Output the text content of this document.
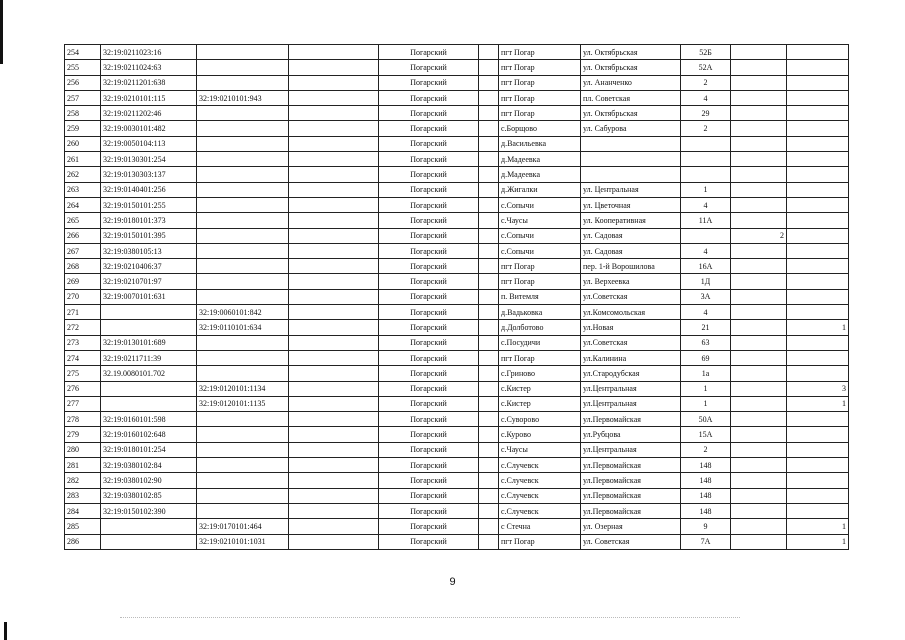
254	32:19:0211023:16			Погарский		пгт Погар	ул. Октябрьская	52Б		
255	32:19:0211024:63			Погарский		пгт Погар	ул. Октябрьская	52А		
256	32:19:0211201:638			Погарский		пгт Погар	ул. Ананченко	2		
257	32:19:0210101:115	32:19:0210101:943		Погарский		пгт Погар	пл. Советская	4		
258	32:19:0211202:46			Погарский		пгт Погар	ул. Октябрьская	29		
259	32:19:0030101:482			Погарский		с.Борщово	ул. Сабурова	2		
260	32:19:0050104:113			Погарский		д.Васильевка				
261	32:19:0130301:254			Погарский		д.Мадеевка				
262	32:19:0130303:137			Погарский		д.Мадеевка				
263	32:19:0140401:256			Погарский		д.Жигалки	ул. Центральная	1		
264	32:19:0150101:255			Погарский		с.Сопычи	ул. Цветочная	4		
265	32:19:0180101:373			Погарский		с.Чаусы	ул. Кооперативная	11А		
266	32:19:0150101:395			Погарский		с.Сопычи	ул. Садовая		2	
267	32:19:0380105:13			Погарский		с.Сопычи	ул. Садовая	4		
268	32:19:0210406:37			Погарский		пгт Погар	пер. 1-й Ворошилова	16А		
269	32:19:0210701:97			Погарский		пгт Погар	ул. Верхеевка	1Д		
270	32:19:0070101:631			Погарский		п. Витемля	ул.Советская	3А		
271		32:19:0060101:842		Погарский		д.Вадьковка	ул.Комсомольская	4		
272		32:19:0110101:634		Погарский		д.Долботово	ул.Новая	21		1
273	32:19:0130101:689			Погарский		с.Посудичи	ул.Советская	63		
274	32:19:0211711:39			Погарский		пгт Погар	ул.Калинина	69		
275	32.19.0080101.702			Погарский		с.Гриново	ул.Стародубская	1а		
276		32:19:0120101:1134		Погарский		с.Кистер	ул.Центральная	1		3
277		32:19:0120101:1135		Погарский		с.Кистер	ул.Центральная	1		1
278	32:19:0160101:598			Погарский		с.Суворово	ул.Первомайская	50А		
279	32:19:0160102:648			Погарский		с.Курово	ул.Рубцова	15А		
280	32:19:0180101:254			Погарский		с.Чаусы	ул.Центральная	2		
281	32:19:0380102:84			Погарский		с.Случевск	ул.Первомайская	148		
282	32:19:0380102:90			Погарский		с.Случевск	ул.Первомайская	148		
283	32:19:0380102:85			Погарский		с.Случевск	ул.Первомайская	148		
284	32:19:0150102:390			Погарский		с.Случевск	ул.Первомайская	148		
285		32:19:0170101:464		Погарский		с Стечна	ул. Озерная	9		1
286		32:19:0210101:1031		Погарский		пгт Погар	ул. Советская	7А		1
9
